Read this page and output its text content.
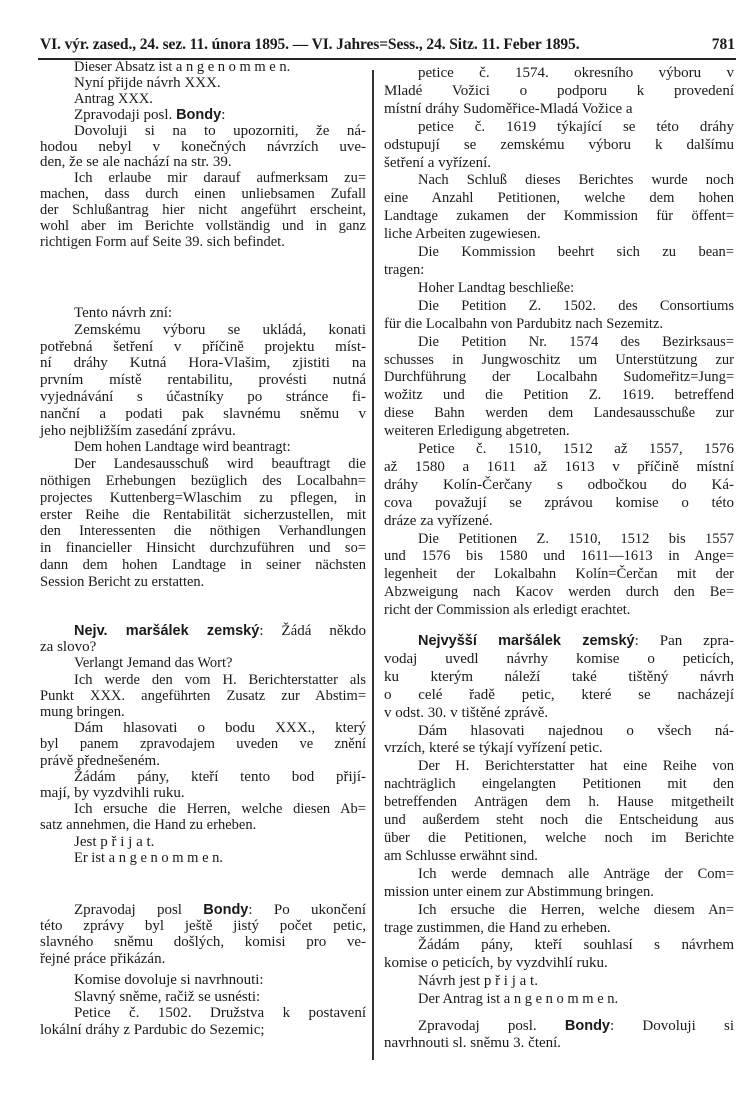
VI. výr. zased., 24. sez. 11. února 1895. — VI. Jahres=Sess., 24. Sitz. 11. Feber 1895.	781
Dieser Absatz ist a n g e n o m m e n.
Nyní přijde návrh XXX.
Antrag XXX.
Zpravodaji posl. Bondy:
Dovoluji si na to upozorniti, že ná-
hodou nebyl v konečných návrzích uve-
den, že se ale nachází na str. 39.
Ich erlaube mir darauf aufmerksam zu=
machen, dass durch einen unliebsamen Zufall
der Schlußantrag hier nicht angeführt erscheint,
wohl aber im Berichte vollständig und in ganz
richtigen Form auf Seite 39. sich befindet.
Tento návrh zní:
Zemskému výboru se ukládá, konati
potřebná šetření v příčině projektu míst-
ní dráhy Kutná Hora-Vlašim, zjistiti na
prvním místě rentabilitu, provésti nutná
vyjednávání s účastníky po stránce fi-
nanční a podati pak slavnému sněmu v
jeho nejbližším zasedání zprávu.
Dem hohen Landtage wird beantragt:
Der Landesausschuß wird beauftragt die
nöthigen Erhebungen bezüglich des Localbahn=
projectes Kuttenberg=Wlaschim zu pflegen, in
erster Reihe die Rentabilität sicherzustellen, mit
den Interessenten die nöthigen Verhandlungen
in financieller Hinsicht durchzuführen und so=
dann dem hohen Landtage in seiner nächsten
Session Bericht zu erstatten.
Nejv. maršálek zemský: Žádá někdo
za slovo?
Verlangt Jemand das Wort?
Ich werde den vom H. Berichterstatter als
Punkt XXX. angeführten Zusatz zur Abstim=
mung bringen.
Dám hlasovati o bodu XXX., který
byl panem zpravodajem uveden ve znění
právě přednešeném.
Žádám pány, kteří tento bod přijí-
mají, by vyzdvihli ruku.
Ich ersuche die Herren, welche diesen Ab=
satz annehmen, die Hand zu erheben.
Jest p ř i j a t.
Er ist a n g e n o m m e n.
Zpravodaj posl Bondy: Po ukončení
této zprávy byl ještě jistý počet petic,
slavného sněmu došlých, komisi pro ve-
řejné práce přikázán.
Komise dovoluje si navrhnouti:
Slavný sněme, račiž se usnésti:
Petice č. 1502. Družstva k postavení
lokální dráhy z Pardubic do Sezemic;
petice č. 1574. okresního výboru v
Mladé Vožici o podporu k provedení
místní dráhy Sudoměřice-Mladá Vožice a
petice č. 1619 týkající se této dráhy
odstupují se zemskému výboru k dalšímu
šetření a vyřízení.
Nach Schluß dieses Berichtes wurde noch
eine Anzahl Petitionen, welche dem hohen
Landtage zukamen der Kommission für öffent=
liche Arbeiten zugewiesen.
Die Kommission beehrt sich zu bean=
tragen:
Hoher Landtag beschließe:
Die Petition Z. 1502. des Consortiums
für die Localbahn von Pardubitz nach Sezemitz.
Die Petition Nr. 1574 des Bezirksaus=
schusses in Jungwoschitz um Unterstützung zur
Durchführung der Localbahn Sudomeřitz=Jung=
wožitz und die Petition Z. 1619. betreffend
diese Bahn werden dem Landesausschuße zur
weiteren Erledigung abgetreten.
Petice č. 1510, 1512 až 1557, 1576
až 1580 a 1611 až 1613 v příčině místní
dráhy Kolín-Čerčany s odbočkou do Ká-
cova považují se zprávou komise o této
dráze za vyřízené.
Die Petitionen Z. 1510, 1512 bis 1557
und 1576 bis 1580 und 1611—1613 in Ange=
legenheit der Lokalbahn Kolín=Čerčan mit der
Abzweigung nach Kacov werden durch den Be=
richt der Commission als erledigt erachtet.
Nejvyšší maršálek zemský: Pan zpra-
vodaj uvedl návrhy komise o peticích,
ku kterým náleží také tištěný návrh
o celé řadě petic, které se nacházejí
v odst. 30. v tištěné zprávě.
Dám hlasovati najednou o všech ná-
vrzích, které se týkají vyřízení petic.
Der H. Berichterstatter hat eine Reihe von
nachträglich eingelangten Petitionen mit den
betreffenden Anträgen dem h. Hause mitgetheilt
und außerdem steht noch die Entscheidung aus
über die Petitionen, welche noch im Berichte
am Schlusse erwähnt sind.
Ich werde demnach alle Anträge der Com=
mission unter einem zur Abstimmung bringen.
Ich ersuche die Herren, welche diesem An=
trage zustimmen, die Hand zu erheben.
Žádám pány, kteří souhlasí s návrhem
komise o peticích, by vyzdvihlí ruku.
Návrh jest p ř i j a t.
Der Antrag ist a n g e n o m m e n.
Zpravodaj posl. Bondy: Dovoluji si
navrhnouti sl. sněmu 3. čtení.
